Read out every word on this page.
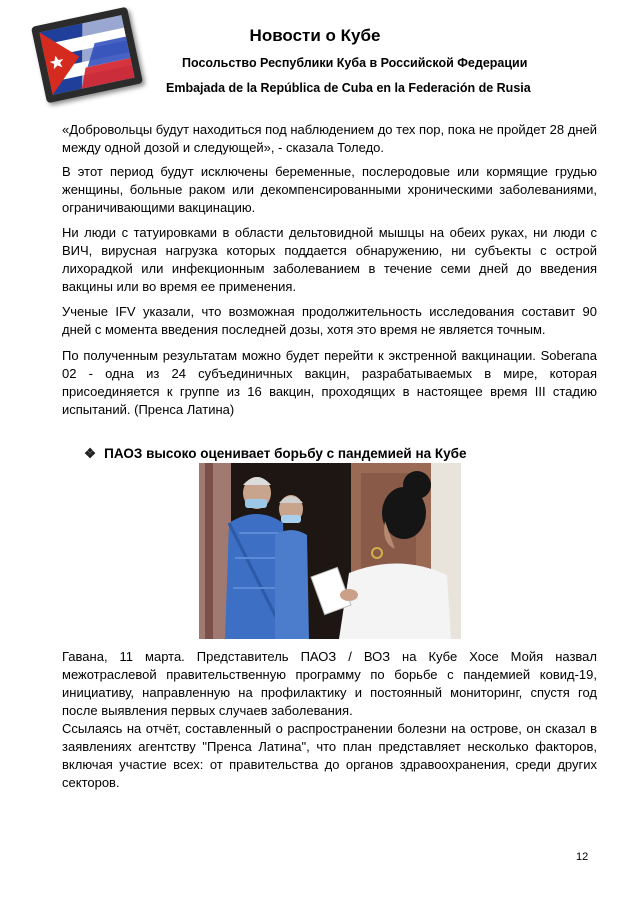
Новости о Кубе
Посольство Республики Куба в Российской Федерации
Embajada de la República de Cuba en la Federación de Rusia

«Добровольцы будут находиться под наблюдением до тех пор, пока не пройдет 28 дней между одной дозой и следующей», - сказала Толедо.

В этот период будут исключены беременные, послеродовые или кормящие грудью женщины, больные раком или декомпенсированными хроническими заболеваниями, ограничивающими вакцинацию.

Ни люди с татуировками в области дельтовидной мышцы на обеих руках, ни люди с ВИЧ, вирусная нагрузка которых поддается обнаружению, ни субъекты с острой лихорадкой или инфекционным заболеванием в течение семи дней до введения вакцины или во время ее применения.

Ученые IFV указали, что возможная продолжительность исследования составит 90 дней с момента введения последней дозы, хотя это время не является точным.

По полученным результатам можно будет перейти к экстренной вакцинации. Soberana 02 - одна из 24 субъединичных вакцин, разрабатываемых в мире, которая присоединяется к группе из 16 вакцин, проходящих в настоящее время III стадию испытаний. (Пренса Латина)

❖ ПАОЗ высоко оценивает борьбу с пандемией на Кубе

Гавана, 11 марта. Представитель ПАОЗ / ВОЗ на Кубе Хосе Мойя назвал межотраслевой правительственную программу по борьбе с пандемией ковид-19, инициативу, направленную на профилактику и постоянный мониторинг, спустя год после выявления первых случаев заболевания.

Ссылаясь на отчёт, составленный о распространении болезни на острове, он сказал в заявлениях агентству "Пренса Латина", что план представляет несколько факторов, включая участие всех: от правительства до органов здравоохранения, среди других секторов.

12
